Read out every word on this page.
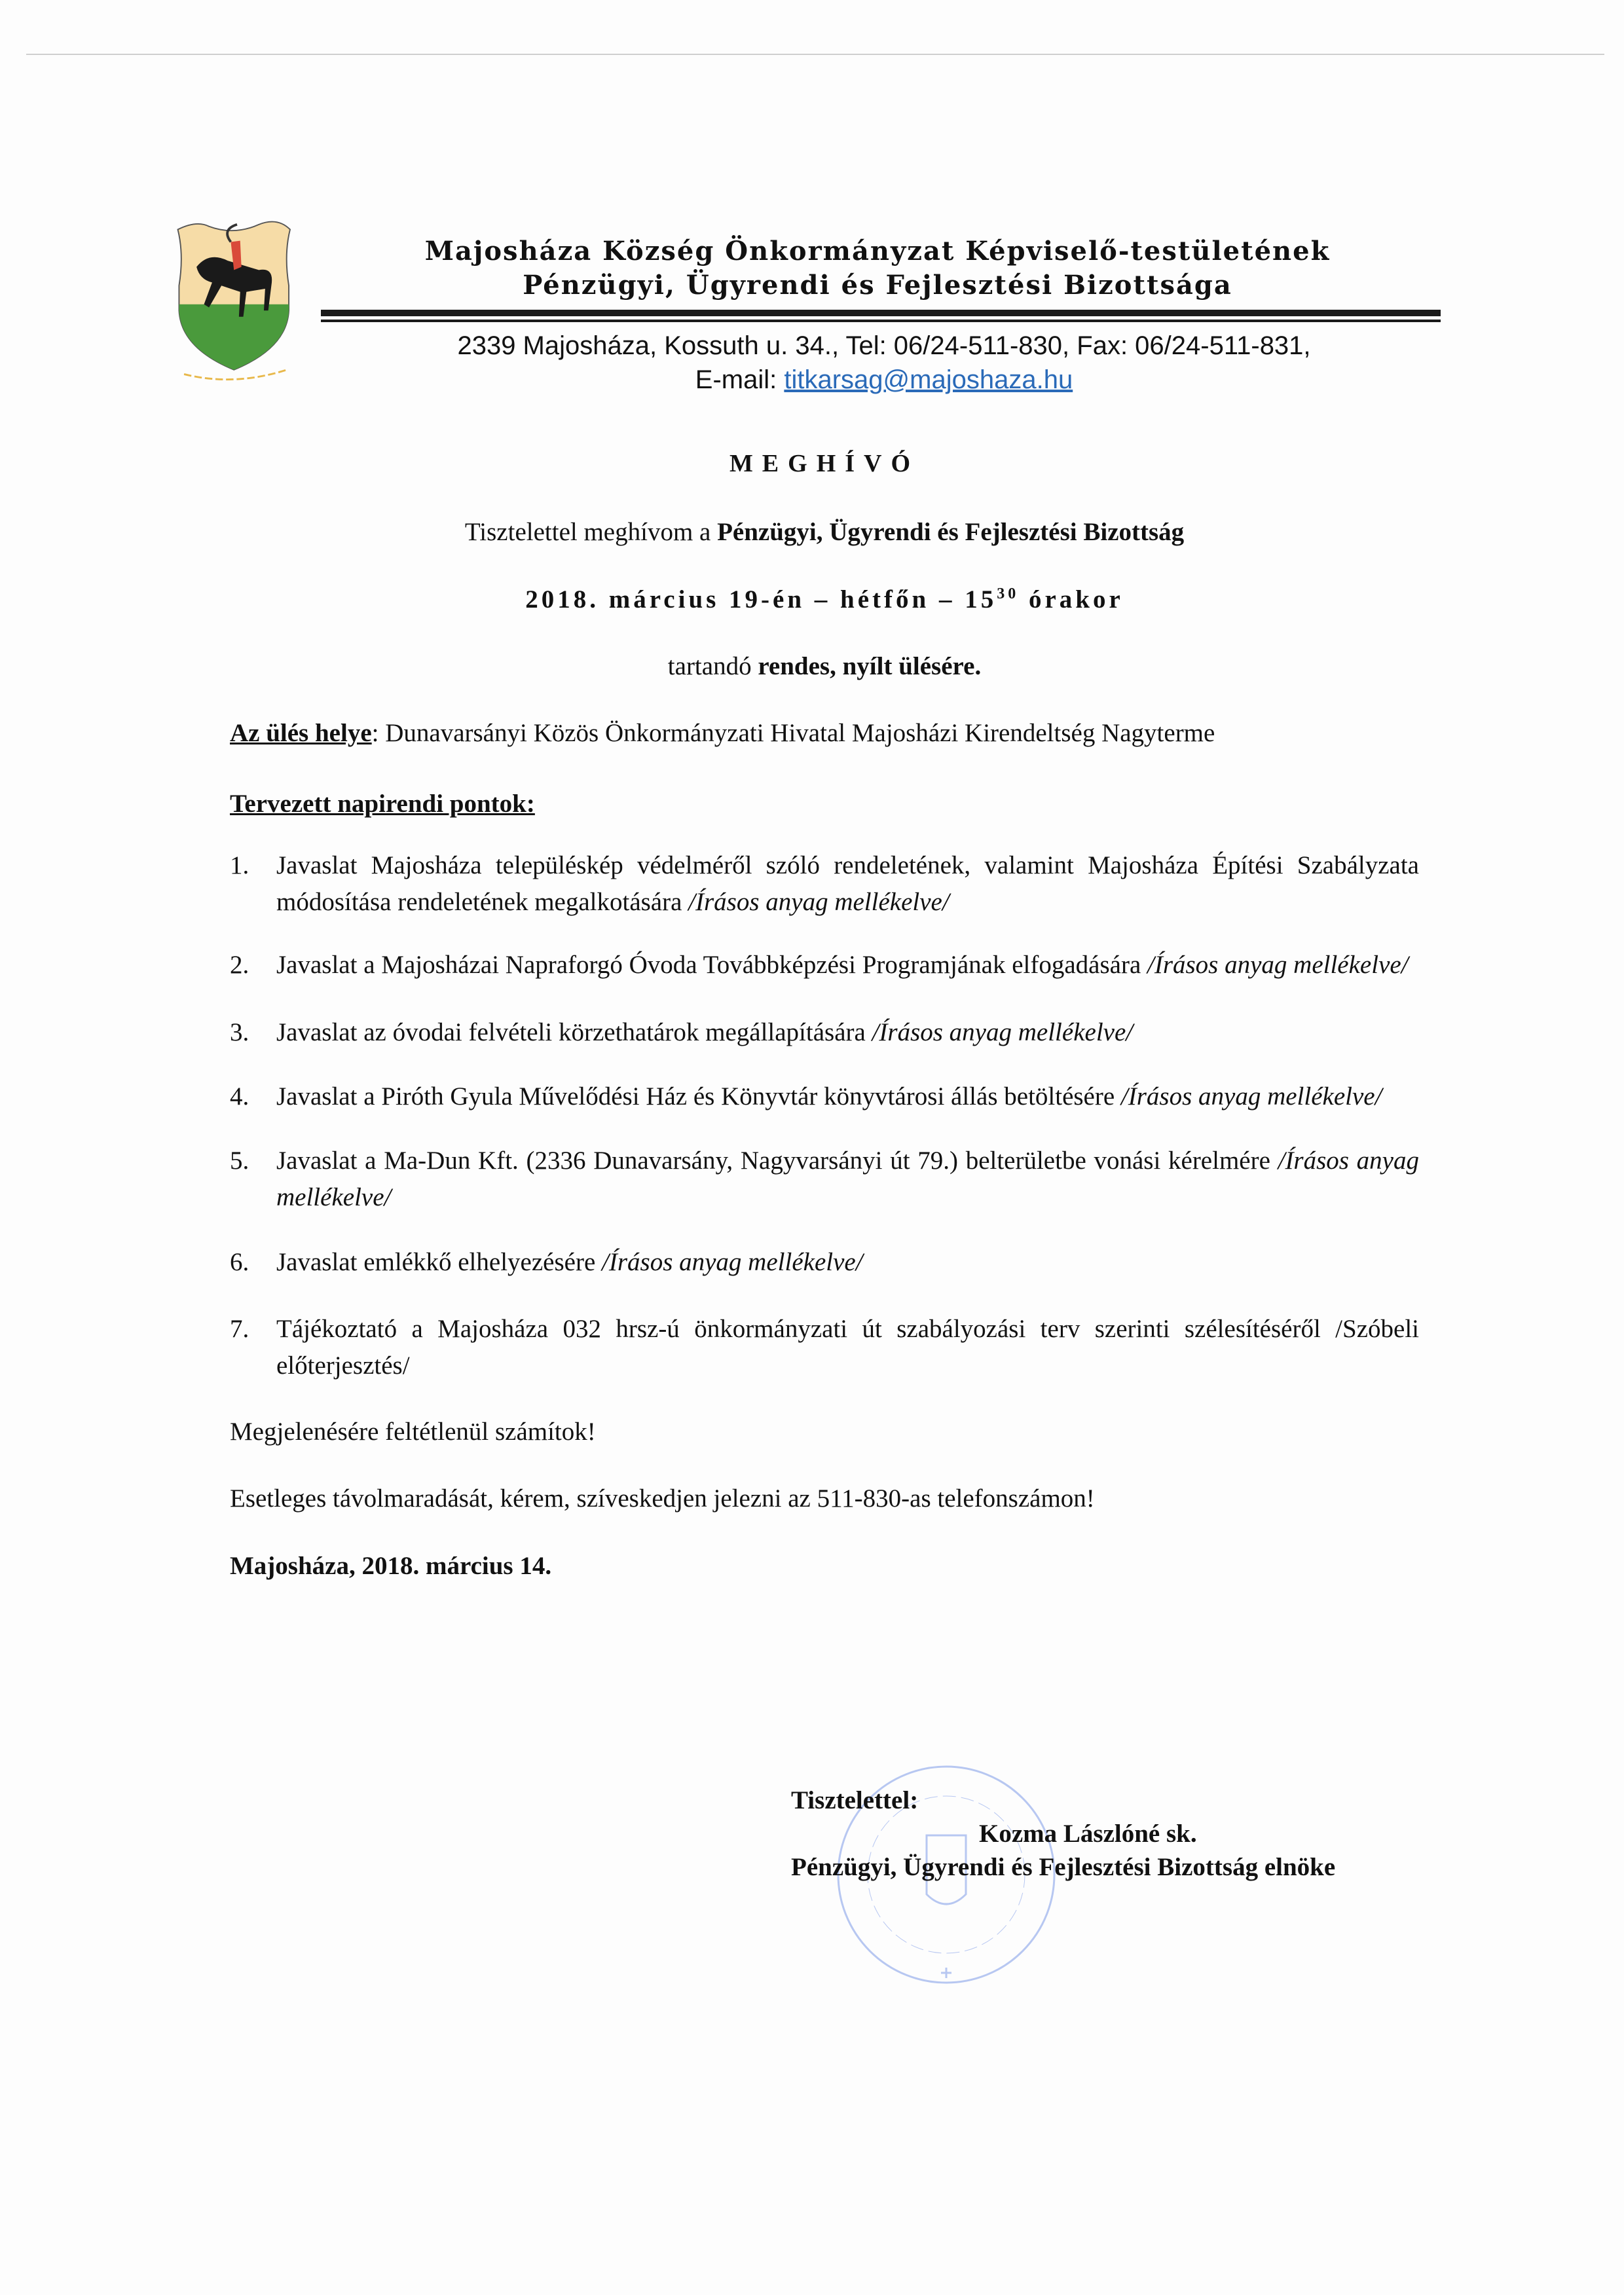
Majosháza Község Önkormányzat Képviselő-testületének
Pénzügyi, Ügyrendi és Fejlesztési Bizottsága
2339 Majosháza, Kossuth u. 34., Tel: 06/24-511-830, Fax: 06/24-511-831,
E-mail: titkarsag@majoshaza.hu
MEGHÍVÓ
Tisztelettel meghívom a Pénzügyi, Ügyrendi és Fejlesztési Bizottság
2018. március 19-én – hétfőn – $15^{30}$ órakor
tartandó rendes, nyílt ülésére.
Az ülés helye: Dunavarsányi Közös Önkormányzati Hivatal Majosházi Kirendeltség Nagyterme
Tervezett napirendi pontok:
1. Javaslat Majosháza településkép védelméről szóló rendeletének, valamint Majosháza Építési Szabályzata módosítása rendeletének megalkotására /Írásos anyag mellékelve/
2. Javaslat a Majosházai Napraforgó Óvoda Továbbképzési Programjának elfogadására /Írásos anyag mellékelve/
3. Javaslat az óvodai felvételi körzethatárok megállapítására /Írásos anyag mellékelve/
4. Javaslat a Piróth Gyula Művelődési Ház és Könyvtár könyvtárosi állás betöltésére /Írásos anyag mellékelve/
5. Javaslat a Ma-Dun Kft. (2336 Dunavarsány, Nagyvarsányi út 79.) belterületbe vonási kérelmére /Írásos anyag mellékelve/
6. Javaslat emlékkő elhelyezésére /Írásos anyag mellékelve/
7. Tájékoztató a Majosháza 032 hrsz-ú önkormányzati út szabályozási terv szerinti szélesítéséről /Szóbeli előterjesztés/
Megjelenésére feltétlenül számítok!
Esetleges távolmaradását, kérem, szíveskedjen jelezni az 511-830-as telefonszámon!
Majosháza, 2018. március 14.
Tisztelettel:
Kozma Lászlóné sk.
Pénzügyi, Ügyrendi és Fejlesztési Bizottság elnöke
